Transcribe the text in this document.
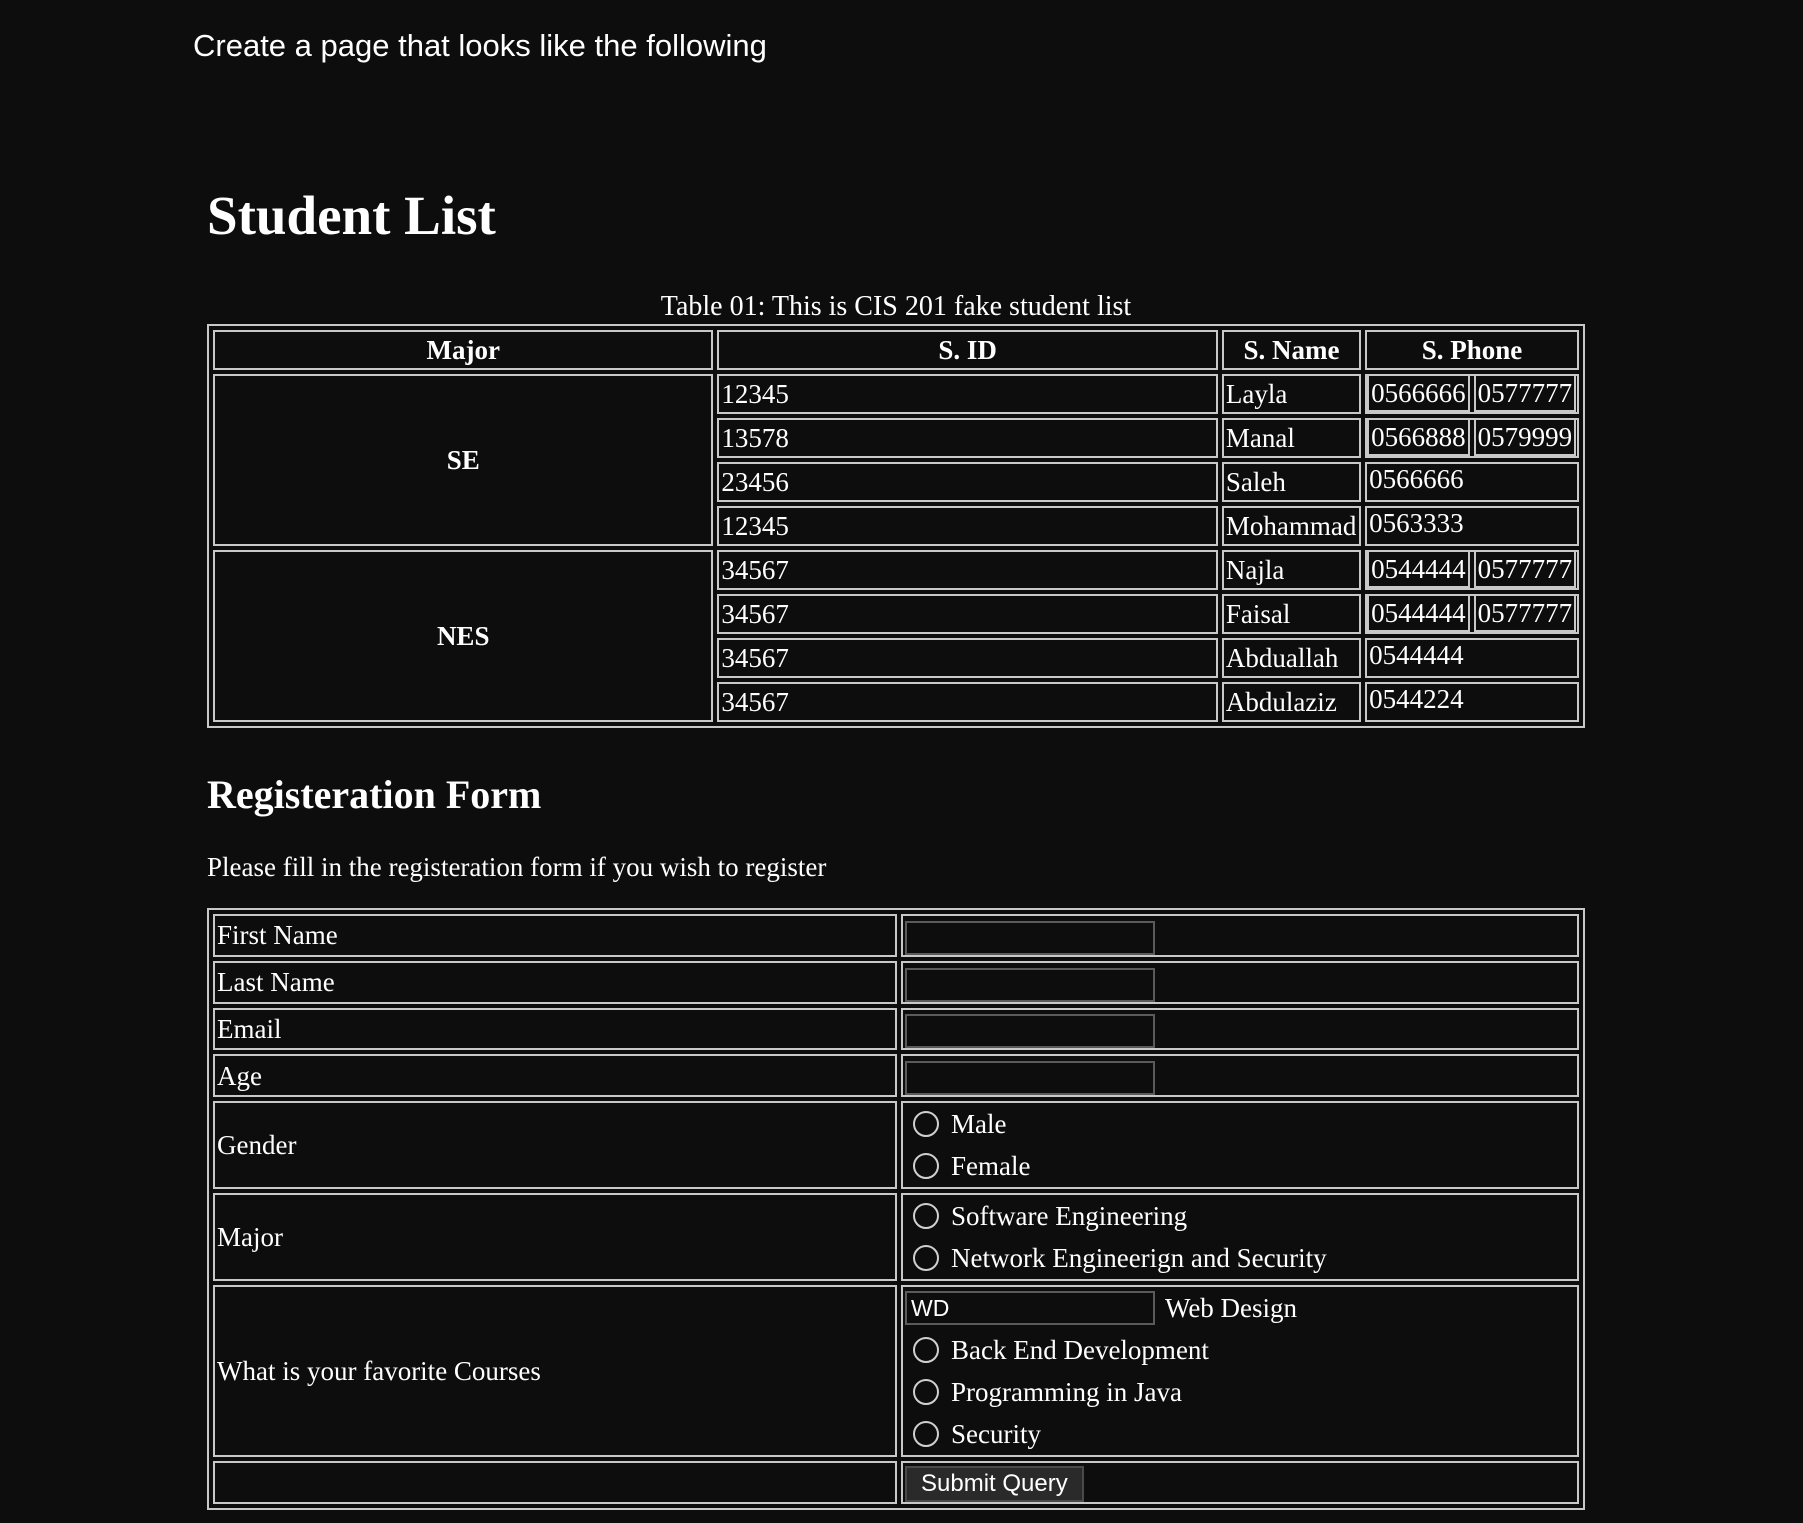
Create a page that looks like the following

Student List
Table 01: This is CIS 201 fake student list
Major	S. ID	S. Name	S. Phone
SE	12345	Layla	0566666 0577777

	13578	Manal	0566888 0579999

	23456	Saleh	0566666

	12345	Mohammad	0563333

NES	34567	Najla	0544444 0577777

	34567	Faisal	0544444 0577777

	34567	Abduallah	0544444

	34567	Abdulaziz	0544224
Registeration Form

Please fill in the registeration form if you wish to register

First Name	
Last Name	
Email	
Age	
Gender	Male
Female

Major	Software Engineering
Network Engineerign and Security

What is your favorite Courses	
WD
Web Design
Back End Development
Programming in Java
Security

	Submit Query
